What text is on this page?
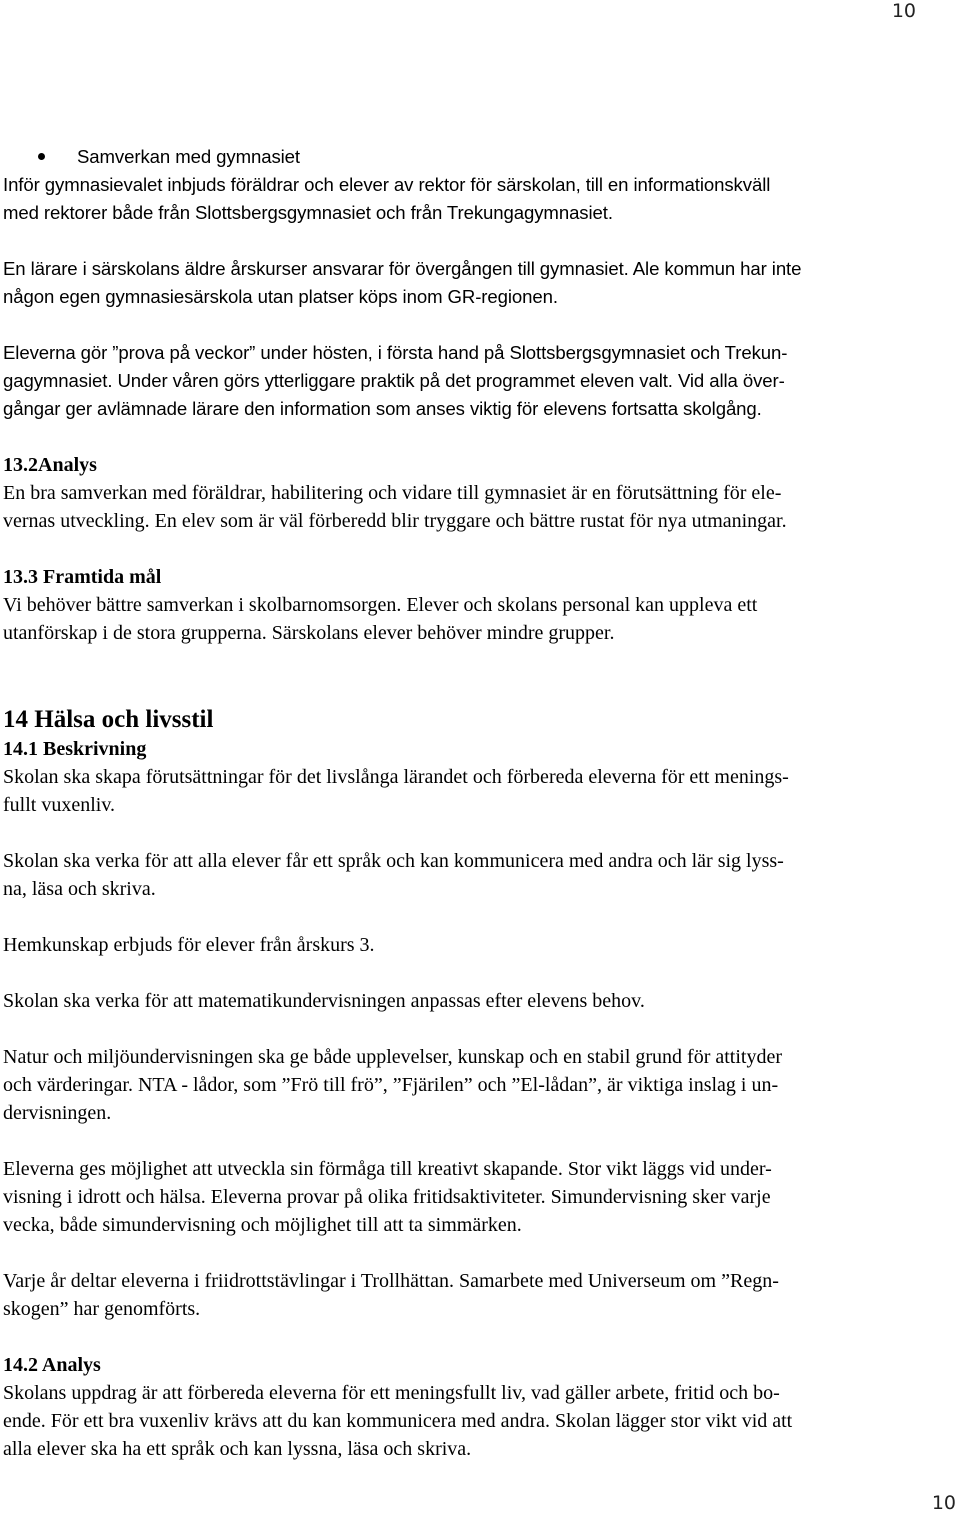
10
Samverkan med gymnasiet
Inför gymnasievalet inbjuds föräldrar och elever av rektor för särskolan, till en informationskväll
med rektorer både från Slottsbergsgymnasiet och från Trekungagymnasiet.
En lärare i särskolans äldre årskurser ansvarar för övergången till gymnasiet. Ale kommun har inte
någon egen gymnasiesärskola utan platser köps inom GR-regionen.
Eleverna gör ”prova på veckor” under hösten, i första hand på Slottsbergsgymnasiet och Trekun-
gagymnasiet. Under våren görs ytterliggare praktik på det programmet eleven valt. Vid alla över-
gångar ger avlämnade lärare den information som anses viktig för elevens fortsatta skolgång.
13.2Analys
En bra samverkan med föräldrar, habilitering och vidare till gymnasiet är en förutsättning för ele-
vernas utveckling. En elev som är väl förberedd blir tryggare och bättre rustat för nya utmaningar.
13.3 Framtida mål
Vi behöver bättre samverkan i skolbarnomsorgen. Elever och skolans personal kan uppleva ett
utanförskap i de stora grupperna. Särskolans elever behöver mindre grupper.
14 Hälsa och livsstil
14.1 Beskrivning
Skolan ska skapa förutsättningar för det livslånga lärandet och förbereda eleverna för ett menings-
fullt vuxenliv.
Skolan ska verka för att alla elever får ett språk och kan kommunicera med andra och lär sig lyss-
na, läsa och skriva.
Hemkunskap erbjuds för elever från årskurs 3.
Skolan ska verka för att matematikundervisningen anpassas efter elevens behov.
Natur och miljöundervisningen ska ge både upplevelser, kunskap och en stabil grund för attityder
och värderingar. NTA - lådor, som ”Frö till frö”, ”Fjärilen” och ”El-lådan”, är viktiga inslag i un-
dervisningen.
Eleverna ges möjlighet att utveckla sin förmåga till kreativt skapande. Stor vikt läggs vid under-
visning i idrott och hälsa. Eleverna provar på olika fritidsaktiviteter. Simundervisning sker varje
vecka, både simundervisning och möjlighet till att ta simmärken.
Varje år deltar eleverna i friidrottstävlingar i Trollhättan. Samarbete med Universeum om ”Regn-
skogen” har genomförts.
14.2 Analys
Skolans uppdrag är att förbereda eleverna för ett meningsfullt liv, vad gäller arbete, fritid och bo-
ende. För ett bra vuxenliv krävs att du kan kommunicera med andra. Skolan lägger stor vikt vid att
alla elever ska ha ett språk och kan lyssna, läsa och skriva.
10
